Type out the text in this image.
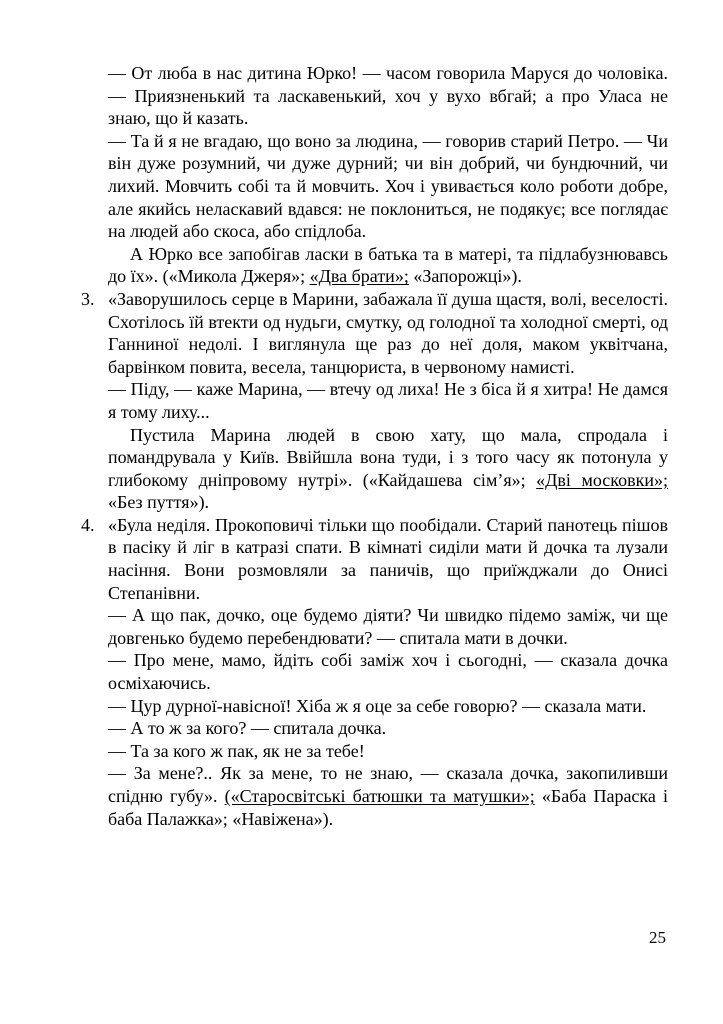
— От люба в нас дитина Юрко! — часом говорила Маруся до чоловіка. — Приязненький та ласкавенький, хоч у вухо вбгай; а про Уласа не знаю, що й казать.

— Та й я не вгадаю, що воно за людина, — говорив старий Петро. — Чи він дуже розумний, чи дуже дурний; чи він добрий, чи бундючний, чи лихий. Мовчить собі та й мовчить. Хоч і увивається коло роботи добре, але якийсь неласкавий вдався: не поклониться, не подякує; все поглядає на людей або скоса, або спідлоба.

А Юрко все запобігав ласки в батька та в матері, та підлабузнювавсь до їх». («Микола Джеря»; «Два брати»; «Запорожці»).

3. «Заворушилось серце в Марини, забажала її душа щастя, волі, веселості. Схотілось їй втекти од нудьги, смутку, од голодної та холодної смерті, од Ганниної недолі. І виглянула ще раз до неї доля, маком уквітчана, барвінком повита, весела, танцюриста, в червоному намисті.

— Піду, — каже Марина, — втечу од лиха! Не з біса й я хитра! Не дамся я тому лиху...

Пустила Марина людей в свою хату, що мала, спродала і помандрувала у Київ. Ввійшла вона туди, і з того часу як потонула у глибокому дніпровому нутрі». («Кайдашева сім’я»; «Дві московки»; «Без пуття»).

4. «Була неділя. Прокоповичі тільки що пообідали. Старий панотець пішов в пасіку й ліг в катразі спати. В кімнаті сиділи мати й дочка та лузали насіння. Вони розмовляли за паничів, що приїжджали до Онисі Степанівни.

— А що пак, дочко, оце будемо діяти? Чи швидко підемо заміж, чи ще довгенько будемо перебендювати? — спитала мати в дочки.

— Про мене, мамо, йдіть собі заміж хоч і сьогодні, — сказала дочка осміхаючись.

— Цур дурної-навісної! Хіба ж я оце за себе говорю? — сказала мати.

— А то ж за кого? — спитала дочка.

— Та за кого ж пак, як не за тебе!

— За мене?.. Як за мене, то не знаю, — сказала дочка, закопиливши спідню губу». («Старосвітські батюшки та матушки»; «Баба Параска і баба Палажка»; «Навіжена»).

25
